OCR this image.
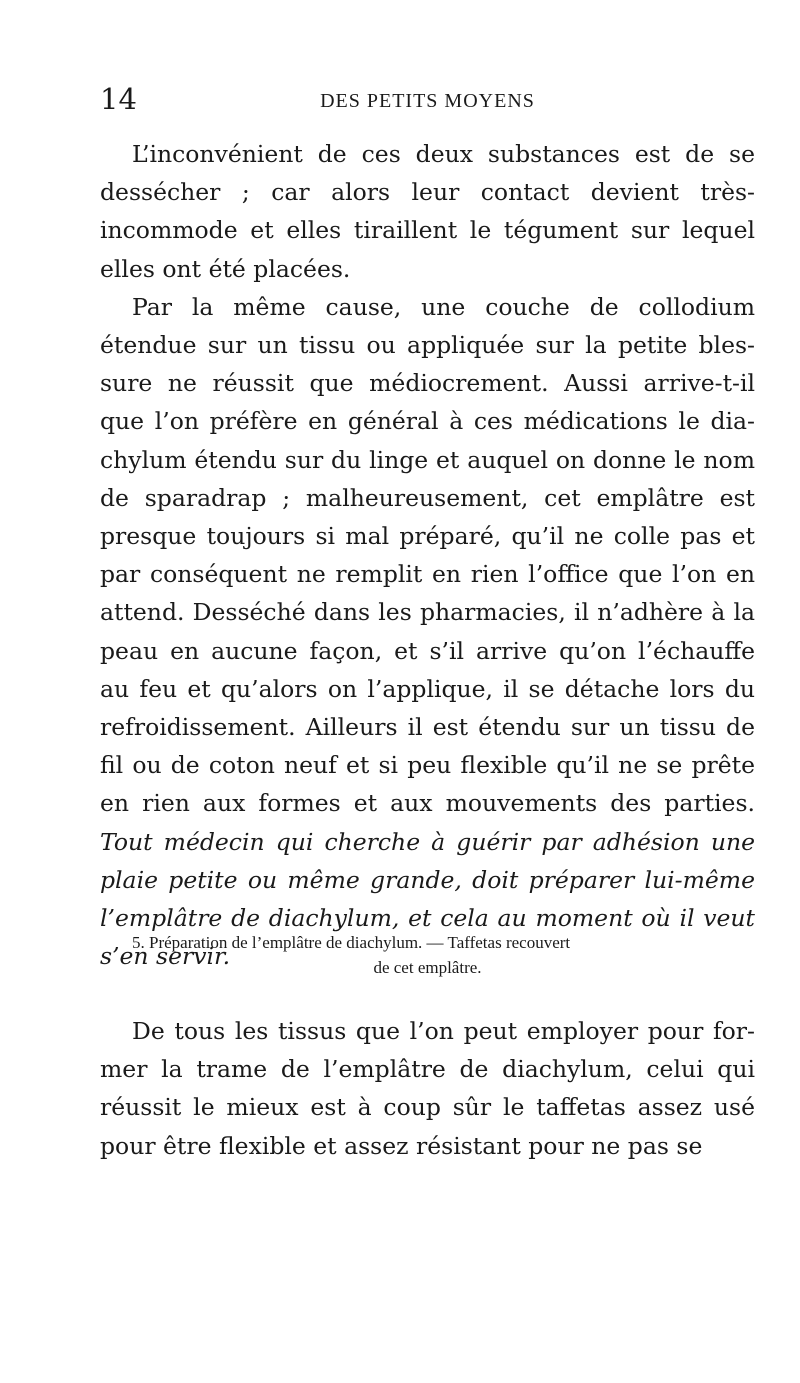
14	DES PETITS MOYENS

L’inconvénient de ces deux substances est de se dessécher ; car alors leur contact devient très-incommode et elles tiraillent le tégument sur lequel elles ont été placées.

Par la même cause, une couche de collodium étendue sur un tissu ou appliquée sur la petite blessure ne réussit que médiocrement. Aussi arrive-t-il que l’on préfère en général à ces médications le diachylum étendu sur du linge et auquel on donne le nom de sparadrap ; malheureusement, cet emplâtre est presque toujours si mal préparé, qu’il ne colle pas et par conséquent ne remplit en rien l’office que l’on en attend. Desséché dans les pharmacies, il n’adhère à la peau en aucune façon, et s’il arrive qu’on l’échauffe au feu et qu’alors on l’applique, il se détache lors du refroidissement. Ailleurs il est étendu sur un tissu de fil ou de coton neuf et si peu flexible qu’il ne se prête en rien aux formes et aux mouvements des parties. Tout médecin qui cherche à guérir par adhésion une plaie petite ou même grande, doit préparer lui-même l’emplâtre de diachylum, et cela au moment où il veut s’en servir.

5. Préparation de l’emplâtre de diachylum. — Taffetas recouvert
de cet emplâtre.

De tous les tissus que l’on peut employer pour former la trame de l’emplâtre de diachylum, celui qui réussit le mieux est à coup sûr le taffetas assez usé pour être flexible et assez résistant pour ne pas se
